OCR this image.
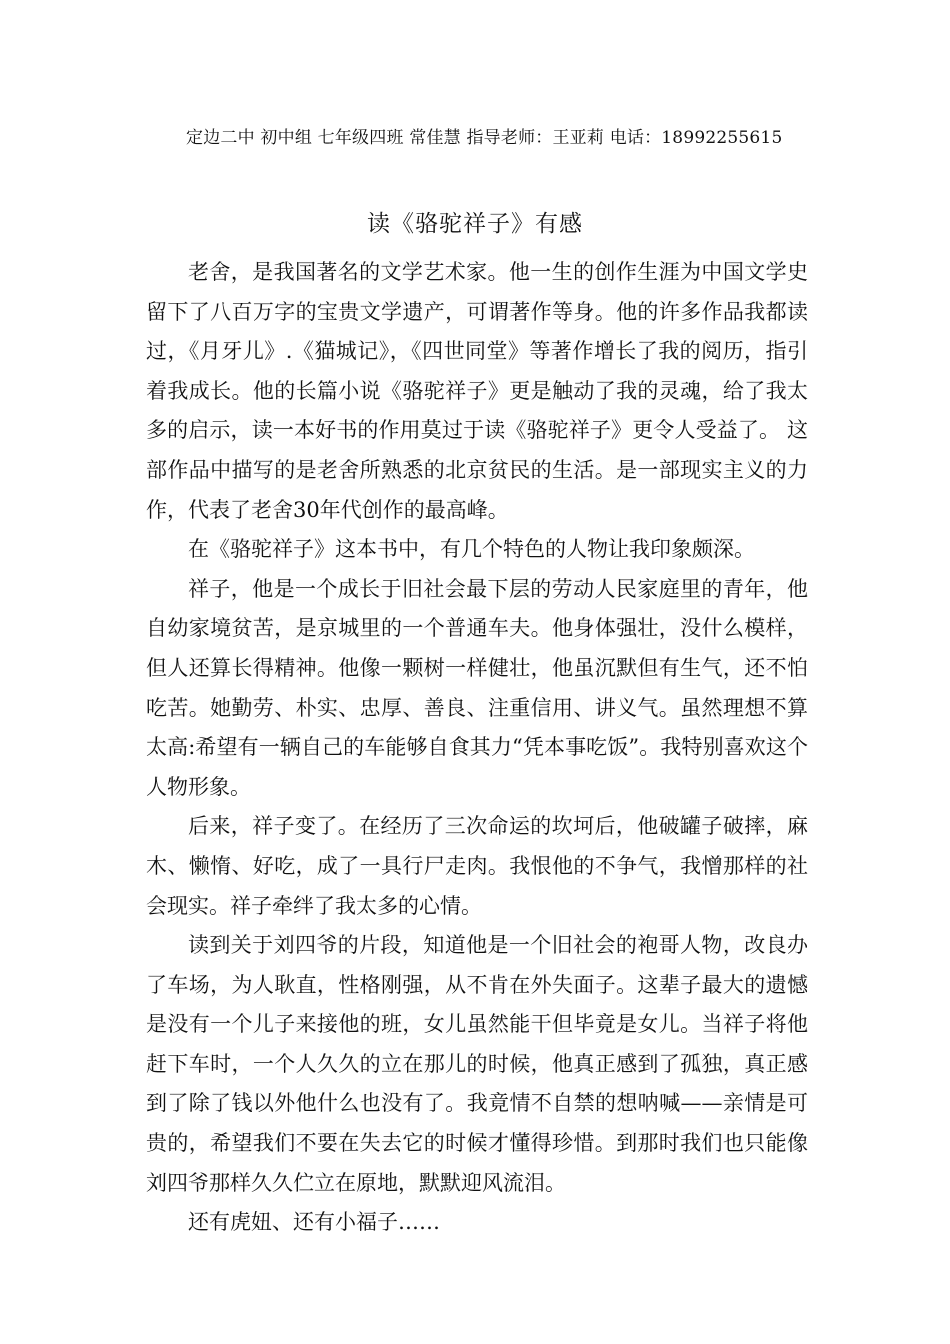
定边二中 初中组 七年级四班 常佳慧 指导老师：王亚莉 电话：18992255615
读《骆驼祥子》有感

老舍，是我国著名的文学艺术家。他一生的创作生涯为中国文学史留下了八百万字的宝贵文学遗产，可谓著作等身。他的许多作品我都读过，《月牙儿》.《猫城记》，《四世同堂》等著作增长了我的阅历，指引着我成长。他的长篇小说《骆驼祥子》更是触动了我的灵魂，给了我太多的启示，读一本好书的作用莫过于读《骆驼祥子》更令人受益了。 这部作品中描写的是老舍所熟悉的北京贫民的生活。是一部现实主义的力作，代表了老舍30年代创作的最高峰。

在《骆驼祥子》这本书中，有几个特色的人物让我印象颇深。

祥子，他是一个成长于旧社会最下层的劳动人民家庭里的青年，他自幼家境贫苦，是京城里的一个普通车夫。他身体强壮，没什么模样，但人还算长得精神。他像一颗树一样健壮，他虽沉默但有生气，还不怕吃苦。她勤劳、朴实、忠厚、善良、注重信用、讲义气。虽然理想不算太高:希望有一辆自己的车能够自食其力“凭本事吃饭”。我特别喜欢这个人物形象。

后来，祥子变了。在经历了三次命运的坎坷后，他破罐子破摔，麻木、懒惰、好吃，成了一具行尸走肉。我恨他的不争气，我憎那样的社会现实。祥子牵绊了我太多的心情。

读到关于刘四爷的片段，知道他是一个旧社会的袍哥人物，改良办了车场，为人耿直，性格刚强，从不肯在外失面子。这辈子最大的遗憾是没有一个儿子来接他的班，女儿虽然能干但毕竟是女儿。当祥子将他赶下车时，一个人久久的立在那儿的时候，他真正感到了孤独，真正感到了除了钱以外他什么也没有了。我竟情不自禁的想呐喊——亲情是可贵的，希望我们不要在失去它的时候才懂得珍惜。到那时我们也只能像刘四爷那样久久伫立在原地，默默迎风流泪。

还有虎妞、还有小福子……
